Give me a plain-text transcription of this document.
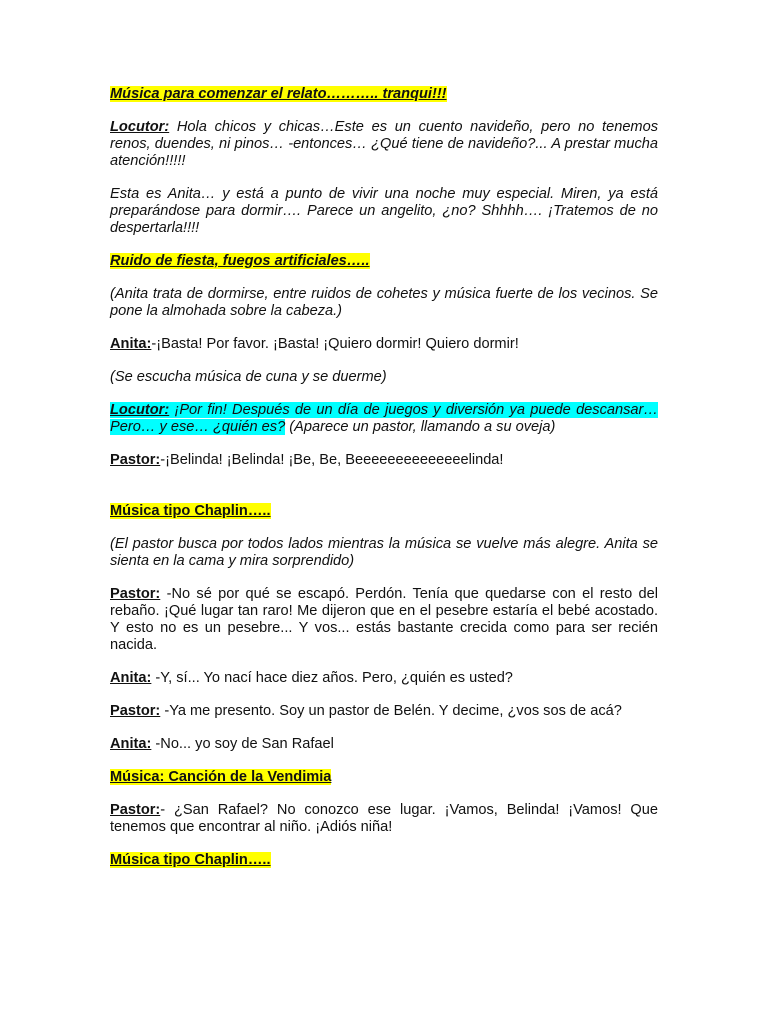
Música para comenzar el relato……….. tranqui!!!

Locutor: Hola chicos y chicas…Este es un cuento navideño, pero no tenemos renos, duendes, ni pinos… -entonces… ¿Qué tiene de navideño?... A prestar mucha atención!!!!!

Esta es Anita… y está a punto de vivir una noche muy especial. Miren, ya está preparándose para dormir…. Parece un angelito, ¿no? Shhhh…. ¡Tratemos de no despertarla!!!!

Ruido de fiesta, fuegos artificiales…..

(Anita trata de dormirse, entre ruidos de cohetes y música fuerte de los vecinos. Se pone la almohada sobre la cabeza.)

Anita:-¡Basta! Por favor. ¡Basta! ¡Quiero dormir! Quiero dormir!

(Se escucha música de cuna y se duerme)

Locutor: ¡Por fin! Después de un día de juegos y diversión ya puede descansar… Pero… y ese… ¿quién es? (Aparece un pastor, llamando a su oveja)

Pastor:-¡Belinda! ¡Belinda! ¡Be, Be, Beeeeeeeeeeeeeelinda!

Música tipo Chaplin…..

(El pastor busca por todos lados mientras la música se vuelve más alegre. Anita se sienta en la cama y mira sorprendido)

Pastor: -No sé por qué se escapó. Perdón. Tenía que quedarse con el resto del rebaño. ¡Qué lugar tan raro! Me dijeron que en el pesebre estaría el bebé acostado. Y esto no es un pesebre... Y vos... estás bastante crecida como para ser recién nacida.

Anita: -Y, sí... Yo nací hace diez años. Pero, ¿quién es usted?

Pastor: -Ya me presento. Soy un pastor de Belén. Y decime, ¿vos sos de acá?

Anita: -No... yo soy de San Rafael

Música: Canción de la Vendimia

Pastor:- ¿San Rafael? No conozco ese lugar. ¡Vamos, Belinda! ¡Vamos! Que tenemos que encontrar al niño. ¡Adiós niña!

Música tipo Chaplin…..
